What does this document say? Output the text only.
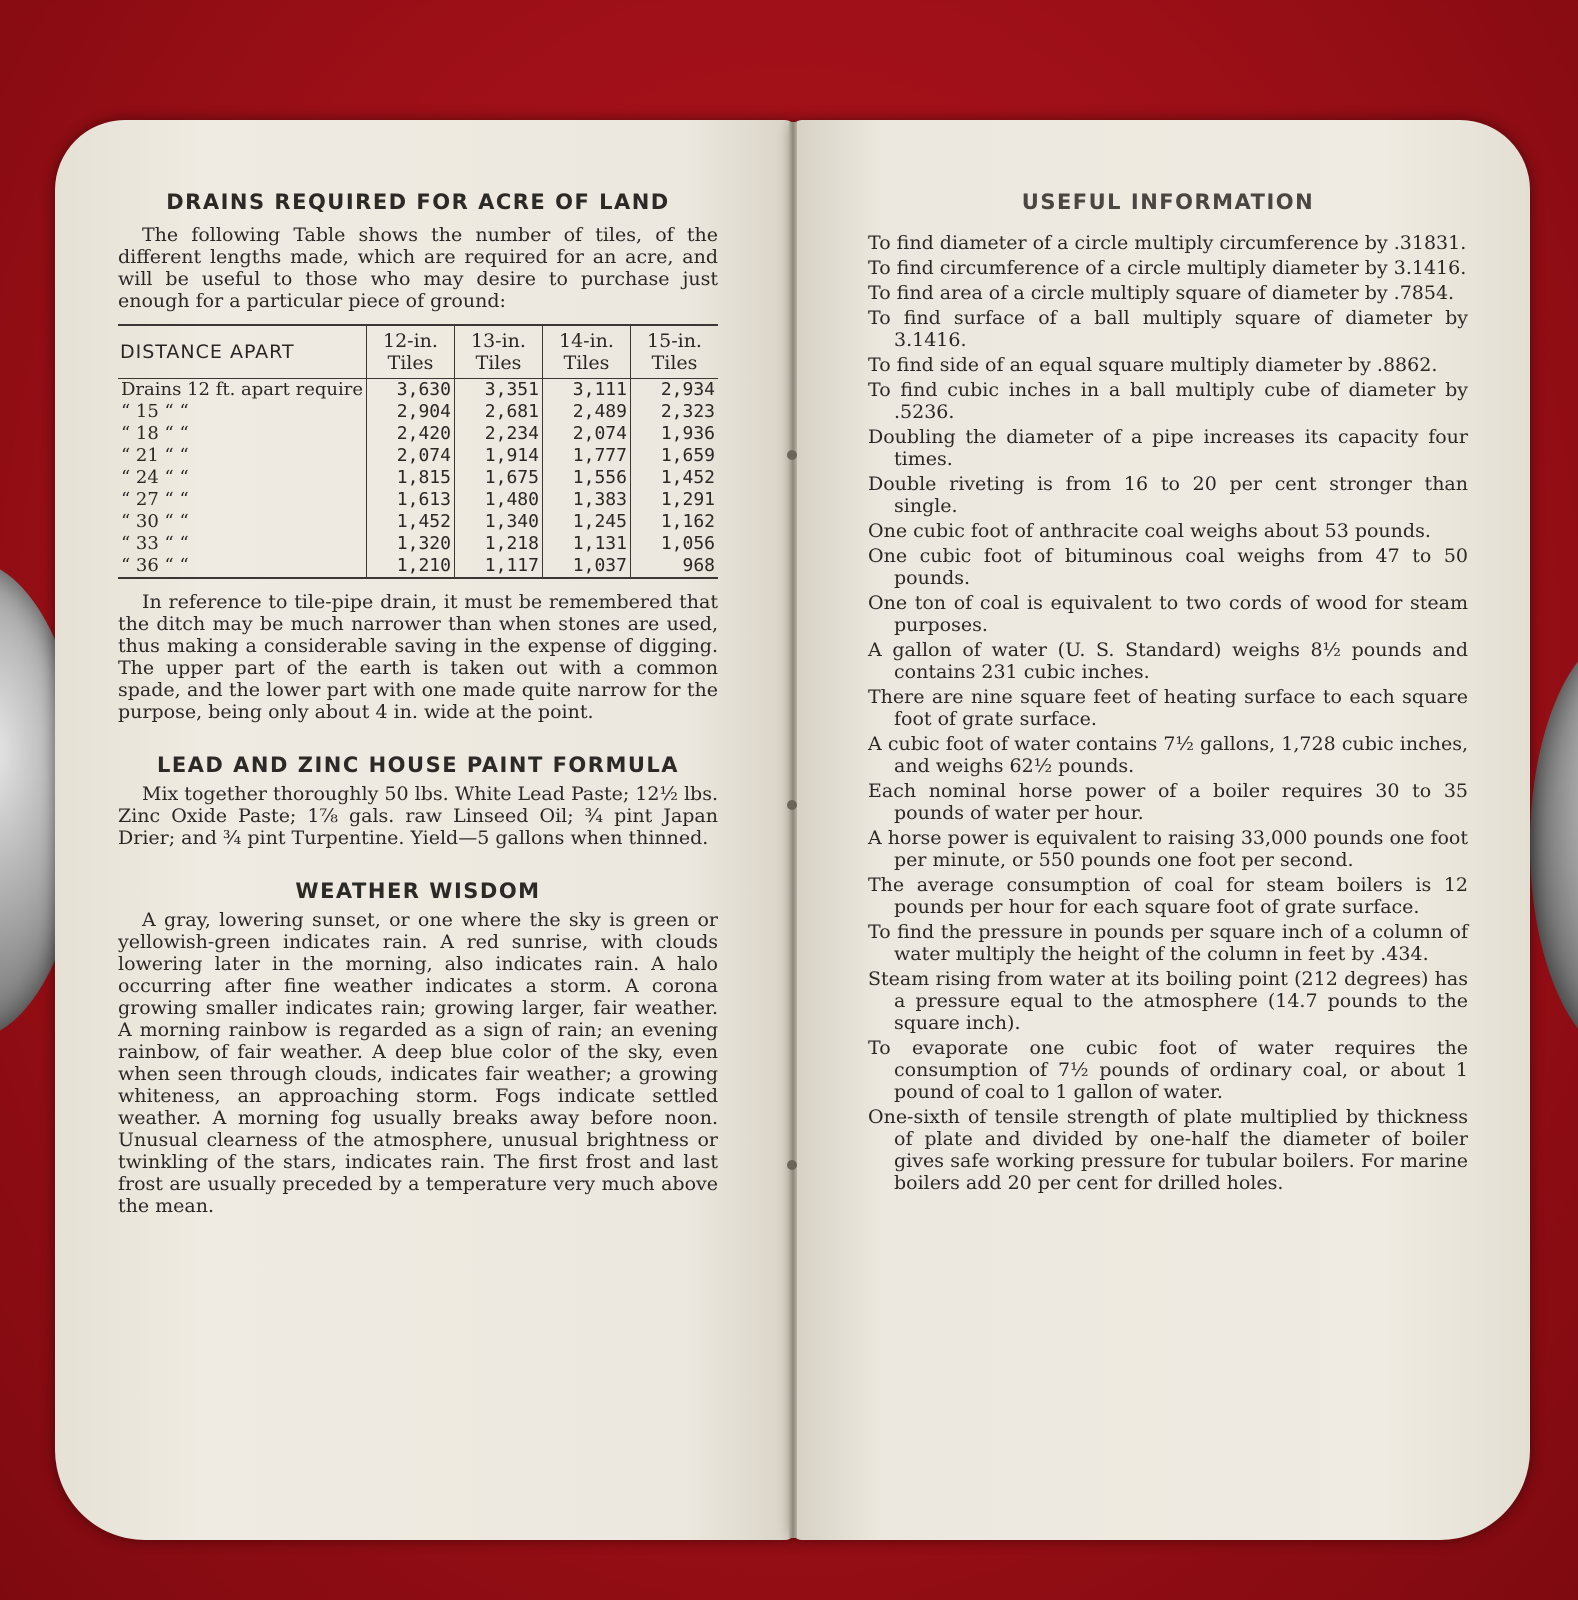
DRAINS REQUIRED FOR ACRE OF LAND

The following Table shows the number of tiles, of the different lengths made, which are required for an acre, and will be useful to those who may desire to purchase just enough for a particular piece of ground:

DISTANCE APART	12-in. Tiles	13-in. Tiles	14-in. Tiles	15-in. Tiles
Drains 12 ft. apart require	3,630	3,351	3,111	2,934
“ 15 “ “	2,904	2,681	2,489	2,323
“ 18 “ “	2,420	2,234	2,074	1,936
“ 21 “ “	2,074	1,914	1,777	1,659
“ 24 “ “	1,815	1,675	1,556	1,452
“ 27 “ “	1,613	1,480	1,383	1,291
“ 30 “ “	1,452	1,340	1,245	1,162
“ 33 “ “	1,320	1,218	1,131	1,056
“ 36 “ “	1,210	1,117	1,037	968

In reference to tile-pipe drain, it must be remembered that the ditch may be much narrower than when stones are used, thus making a considerable saving in the expense of digging. The upper part of the earth is taken out with a common spade, and the lower part with one made quite narrow for the purpose, being only about 4 in. wide at the point.

LEAD AND ZINC HOUSE PAINT FORMULA

Mix together thoroughly 50 lbs. White Lead Paste; 12½ lbs. Zinc Oxide Paste; 1⅞ gals. raw Linseed Oil; ¾ pint Japan Drier; and ¾ pint Turpentine. Yield—5 gallons when thinned.

WEATHER WISDOM

A gray, lowering sunset, or one where the sky is green or yellowish-green indicates rain. A red sunrise, with clouds lowering later in the morning, also indicates rain. A halo occurring after fine weather indicates a storm. A corona growing smaller indicates rain; growing larger, fair weather. A morning rainbow is regarded as a sign of rain; an evening rainbow, of fair weather. A deep blue color of the sky, even when seen through clouds, indicates fair weather; a growing whiteness, an approaching storm. Fogs indicate settled weather. A morning fog usually breaks away before noon. Unusual clearness of the atmosphere, unusual brightness or twinkling of the stars, indicates rain. The first frost and last frost are usually preceded by a temperature very much above the mean.

USEFUL INFORMATION
To find diameter of a circle multiply circumference by .31831.
To find circumference of a circle multiply diameter by 3.1416.
To find area of a circle multiply square of diameter by .7854.
To find surface of a ball multiply square of diameter by 3.1416.
To find side of an equal square multiply diameter by .8862.
To find cubic inches in a ball multiply cube of diameter by .5236.
Doubling the diameter of a pipe increases its capacity four times.
Double riveting is from 16 to 20 per cent stronger than single.
One cubic foot of anthracite coal weighs about 53 pounds.
One cubic foot of bituminous coal weighs from 47 to 50 pounds.
One ton of coal is equivalent to two cords of wood for steam purposes.
A gallon of water (U. S. Standard) weighs 8½ pounds and contains 231 cubic inches.
There are nine square feet of heating surface to each square foot of grate surface.
A cubic foot of water contains 7½ gallons, 1,728 cubic inches, and weighs 62½ pounds.
Each nominal horse power of a boiler requires 30 to 35 pounds of water per hour.
A horse power is equivalent to raising 33,000 pounds one foot per minute, or 550 pounds one foot per second.
The average consumption of coal for steam boilers is 12 pounds per hour for each square foot of grate surface.
To find the pressure in pounds per square inch of a column of water multiply the height of the column in feet by .434.
Steam rising from water at its boiling point (212 degrees) has a pressure equal to the atmosphere (14.7 pounds to the square inch).
To evaporate one cubic foot of water requires the consumption of 7½ pounds of ordinary coal, or about 1 pound of coal to 1 gallon of water.
One-sixth of tensile strength of plate multiplied by thickness of plate and divided by one-half the diameter of boiler gives safe working pressure for tubular boilers. For marine boilers add 20 per cent for drilled holes.
